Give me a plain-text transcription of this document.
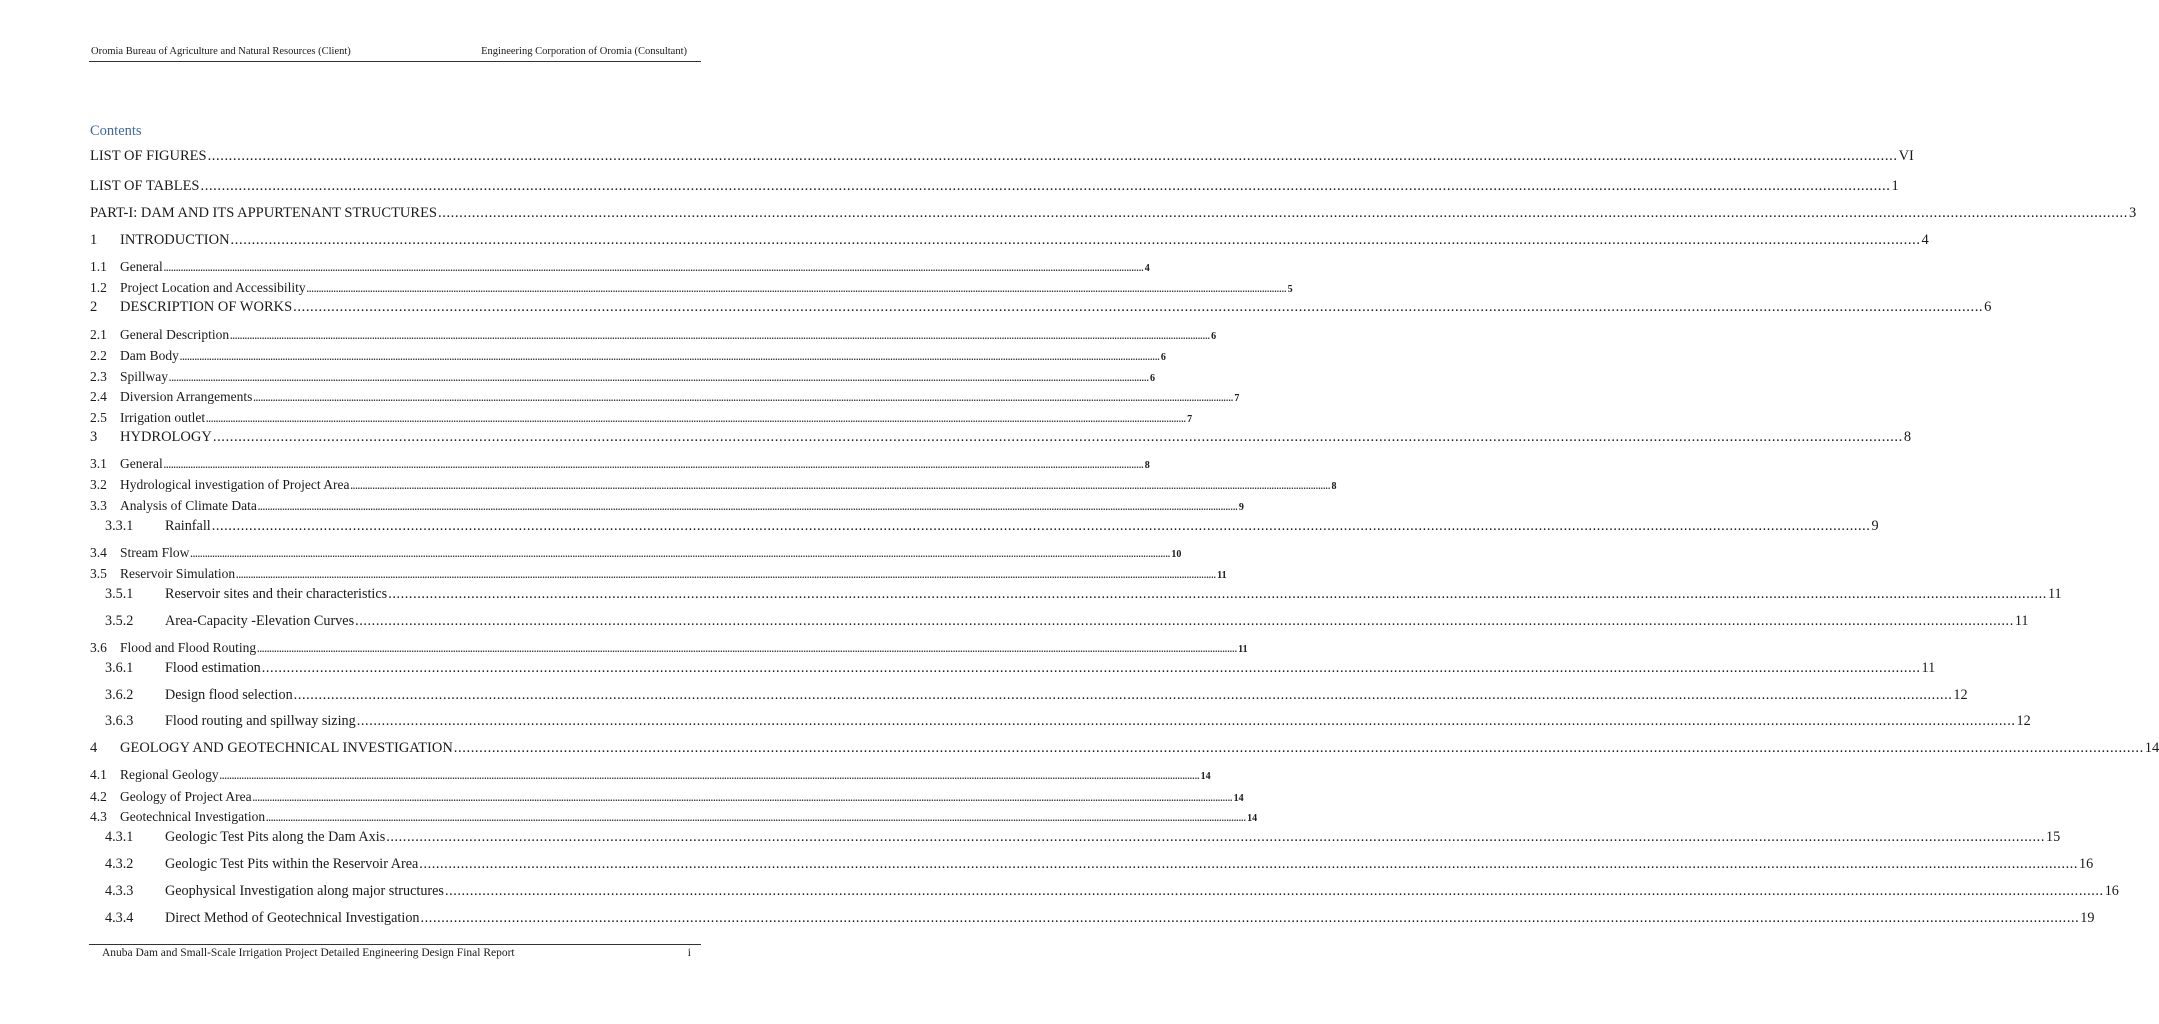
Oromia Bureau of Agriculture and Natural Resources (Client)	Engineering Corporation of Oromia (Consultant)
Contents
LIST OF FIGURES ................................................................................................................................................................................................................................................................................................................................................................................................................ VI
LIST OF TABLES ................................................................................................................................................................................................................................................................................................................................................................................................................ 1
PART-I: DAM AND ITS APPURTENANT STRUCTURES ................................................................................................................................................................................................................................................................................................................................................................................................................ 3
1	INTRODUCTION ................................................................................................................................................................................................................................................................................................................................................................................................................ 4
1.1 General ................................................................................................................................................................................................................................................................................................................................................................................................................ 4
1.2 Project Location and Accessibility ................................................................................................................................................................................................................................................................................................................................................................................................................ 5
2	DESCRIPTION OF WORKS ................................................................................................................................................................................................................................................................................................................................................................................................................ 6
2.1 General Description ................................................................................................................................................................................................................................................................................................................................................................................................................ 6
2.2 Dam Body ................................................................................................................................................................................................................................................................................................................................................................................................................ 6
2.3 Spillway ................................................................................................................................................................................................................................................................................................................................................................................................................ 6
2.4 Diversion Arrangements ................................................................................................................................................................................................................................................................................................................................................................................................................ 7
2.5 Irrigation outlet ................................................................................................................................................................................................................................................................................................................................................................................................................ 7
3	HYDROLOGY ................................................................................................................................................................................................................................................................................................................................................................................................................ 8
3.1 General ................................................................................................................................................................................................................................................................................................................................................................................................................ 8
3.2 Hydrological investigation of Project Area ................................................................................................................................................................................................................................................................................................................................................................................................................ 8
3.3 Analysis of Climate Data ................................................................................................................................................................................................................................................................................................................................................................................................................ 9
3.3.1	Rainfall ................................................................................................................................................................................................................................................................................................................................................................................................................ 9
3.4 Stream Flow ................................................................................................................................................................................................................................................................................................................................................................................................................ 10
3.5 Reservoir Simulation ................................................................................................................................................................................................................................................................................................................................................................................................................ 11
3.5.1	Reservoir sites and their characteristics ................................................................................................................................................................................................................................................................................................................................................................................................................ 11
3.5.2	Area-Capacity -Elevation Curves ................................................................................................................................................................................................................................................................................................................................................................................................................ 11
3.6 Flood and Flood Routing ................................................................................................................................................................................................................................................................................................................................................................................................................ 11
3.6.1	Flood estimation ................................................................................................................................................................................................................................................................................................................................................................................................................ 11
3.6.2	Design flood selection ................................................................................................................................................................................................................................................................................................................................................................................................................ 12
3.6.3	Flood routing and spillway sizing ................................................................................................................................................................................................................................................................................................................................................................................................................ 12
4	GEOLOGY AND GEOTECHNICAL INVESTIGATION ................................................................................................................................................................................................................................................................................................................................................................................................................ 14
4.1 Regional Geology ................................................................................................................................................................................................................................................................................................................................................................................................................ 14
4.2 Geology of Project Area ................................................................................................................................................................................................................................................................................................................................................................................................................ 14
4.3 Geotechnical Investigation ................................................................................................................................................................................................................................................................................................................................................................................................................ 14
4.3.1	Geologic Test Pits along the Dam Axis ................................................................................................................................................................................................................................................................................................................................................................................................................ 15
4.3.2	Geologic Test Pits within the Reservoir Area ................................................................................................................................................................................................................................................................................................................................................................................................................ 16
4.3.3	Geophysical Investigation along major structures ................................................................................................................................................................................................................................................................................................................................................................................................................ 16
4.3.4	Direct Method of Geotechnical Investigation ................................................................................................................................................................................................................................................................................................................................................................................................................ 19
Anuba Dam and Small-Scale Irrigation Project Detailed Engineering Design Final Report	i
